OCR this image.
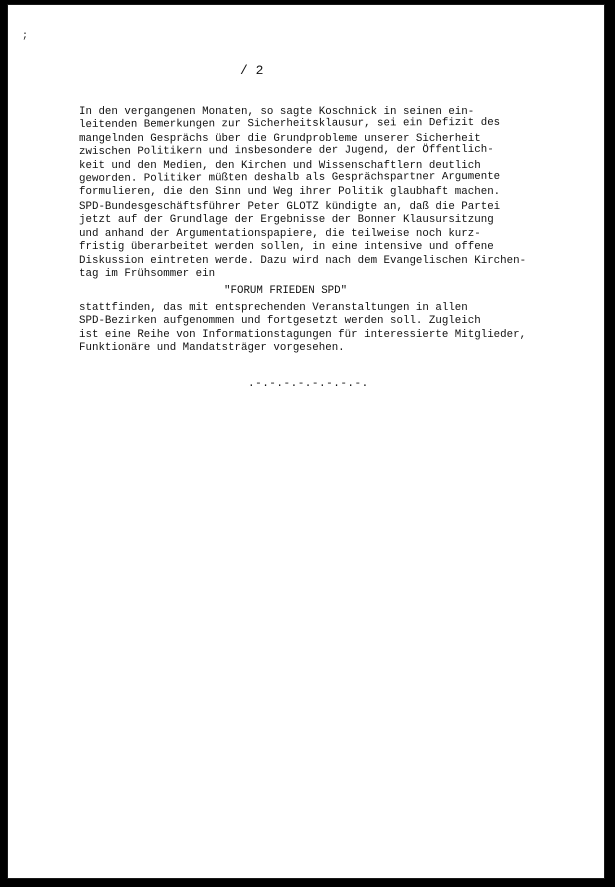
;
/ 2

In den vergangenen Monaten, so sagte Koschnick in seinen ein-
leitenden Bemerkungen zur Sicherheitsklausur, sei ein Defizit des
mangelnden Gesprächs über die Grundprobleme unserer Sicherheit
zwischen Politikern und insbesondere der Jugend, der Öffentlich-
keit und den Medien, den Kirchen und Wissenschaftlern deutlich
geworden. Politiker müßten deshalb als Gesprächspartner Argumente
formulieren, die den Sinn und Weg ihrer Politik glaubhaft machen.

SPD-Bundesgeschäftsführer Peter GLOTZ kündigte an, daß die Partei
jetzt auf der Grundlage der Ergebnisse der Bonner Klausursitzung
und anhand der Argumentationspapiere, die teilweise noch kurz-
fristig überarbeitet werden sollen, in eine intensive und offene
Diskussion eintreten werde. Dazu wird nach dem Evangelischen Kirchen-
tag im Frühsommer ein

"FORUM FRIEDEN SPD"

stattfinden, das mit entsprechenden Veranstaltungen in allen
SPD-Bezirken aufgenommen und fortgesetzt werden soll. Zugleich
ist eine Reihe von Informationstagungen für interessierte Mitglieder,
Funktionäre und Mandatsträger vorgesehen.

.-.-.-.-.-.-.-.-.
